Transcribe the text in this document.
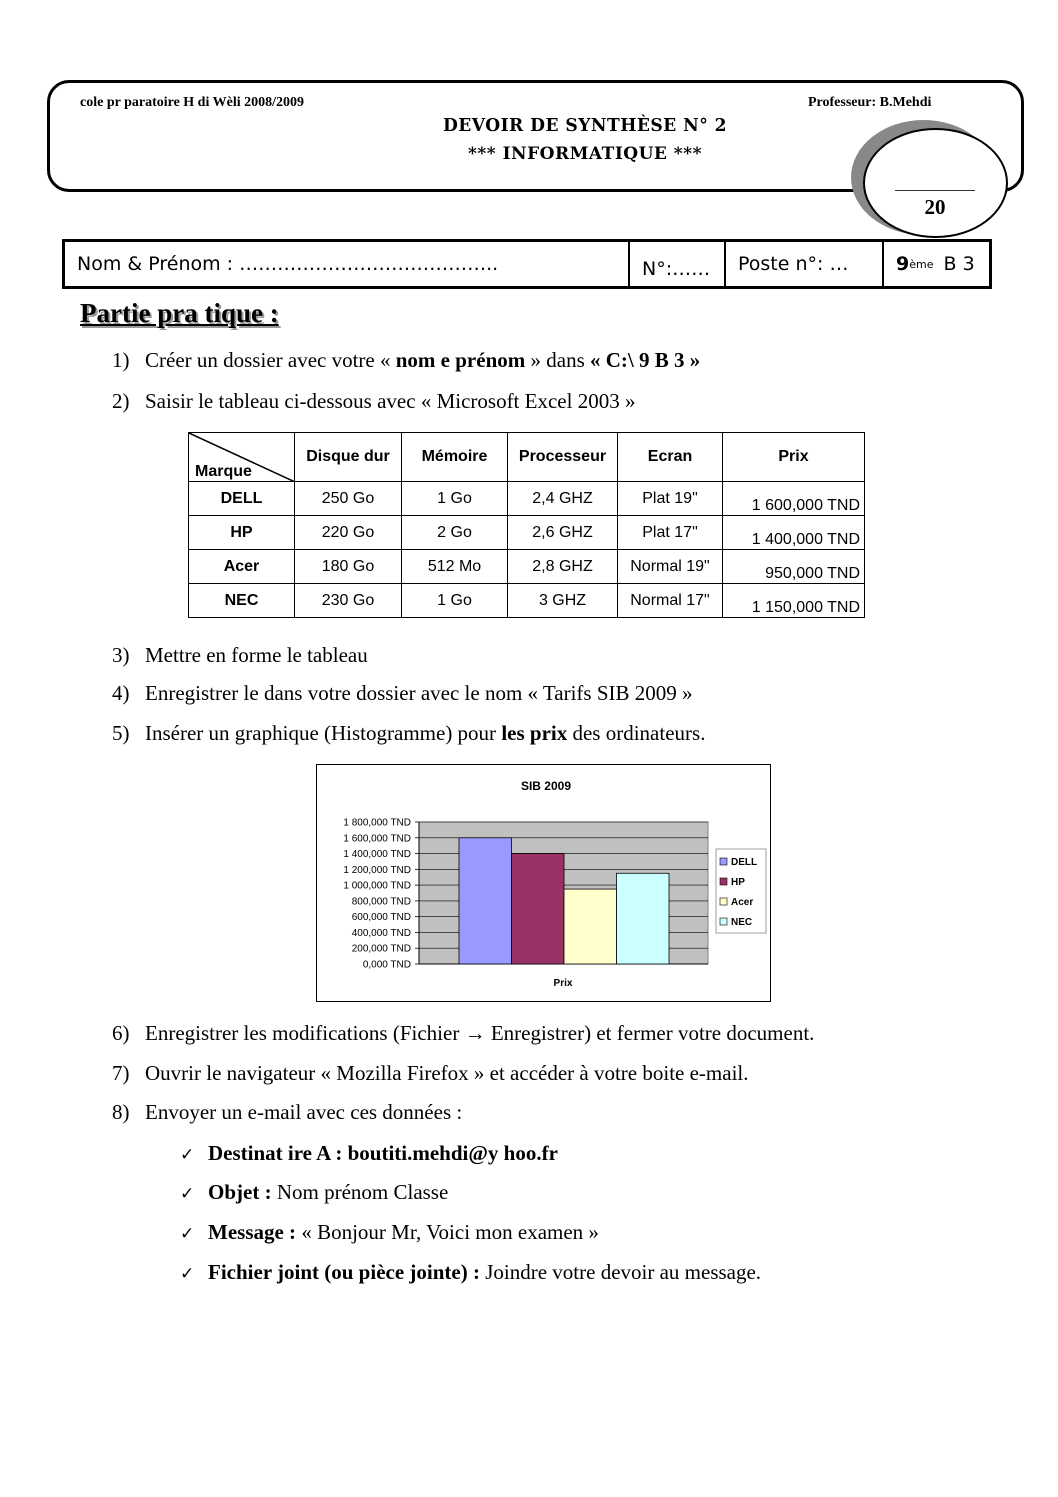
cole pr paratoire H di Wèli 2008/2009	Professeur: B.Mehdi
DEVOIR DE SYNTHÈSE N° 2
*** INFORMATIQUE ***
20
Nom & Prénom : …………………………………..	N°:……	Poste n°: …	9 ème B 3
Partie pra tique :
1) Créer un dossier avec votre « nom e prénom » dans « C:\ 9 B 3 »
2) Saisir le tableau ci-dessous avec « Microsoft Excel 2003 »
Marque	Disque dur	Mémoire	Processeur	Ecran	Prix
DELL	250 Go	1 Go	2,4 GHZ	Plat 19"	1 600,000 TND
HP	220 Go	2 Go	2,6 GHZ	Plat 17"	1 400,000 TND
Acer	180 Go	512 Mo	2,8 GHZ	Normal 19"	950,000 TND
NEC	230 Go	1 Go	3 GHZ	Normal 17"	1 150,000 TND
3) Mettre en forme le tableau
4) Enregistrer le dans votre dossier avec le nom « Tarifs SIB 2009 »
5) Insérer un graphique (Histogramme) pour les prix des ordinateurs.
SIB 2009
0,000 TND
200,000 TND
400,000 TND
600,000 TND
800,000 TND
1 000,000 TND
1 200,000 TND
1 400,000 TND
1 600,000 TND
1 800,000 TND
Prix
DELL
HP
Acer
NEC
6) Enregistrer les modifications (Fichier → Enregistrer) et fermer votre document.
7) Ouvrir le navigateur « Mozilla Firefox » et accéder à votre boite e-mail.
8) Envoyer un e-mail avec ces données :
✓ Destinat ire A : boutiti.mehdi@y hoo.fr
✓ Objet : Nom prénom Classe
✓ Message : « Bonjour Mr, Voici mon examen »
✓ Fichier joint (ou pièce jointe) : Joindre votre devoir au message.
